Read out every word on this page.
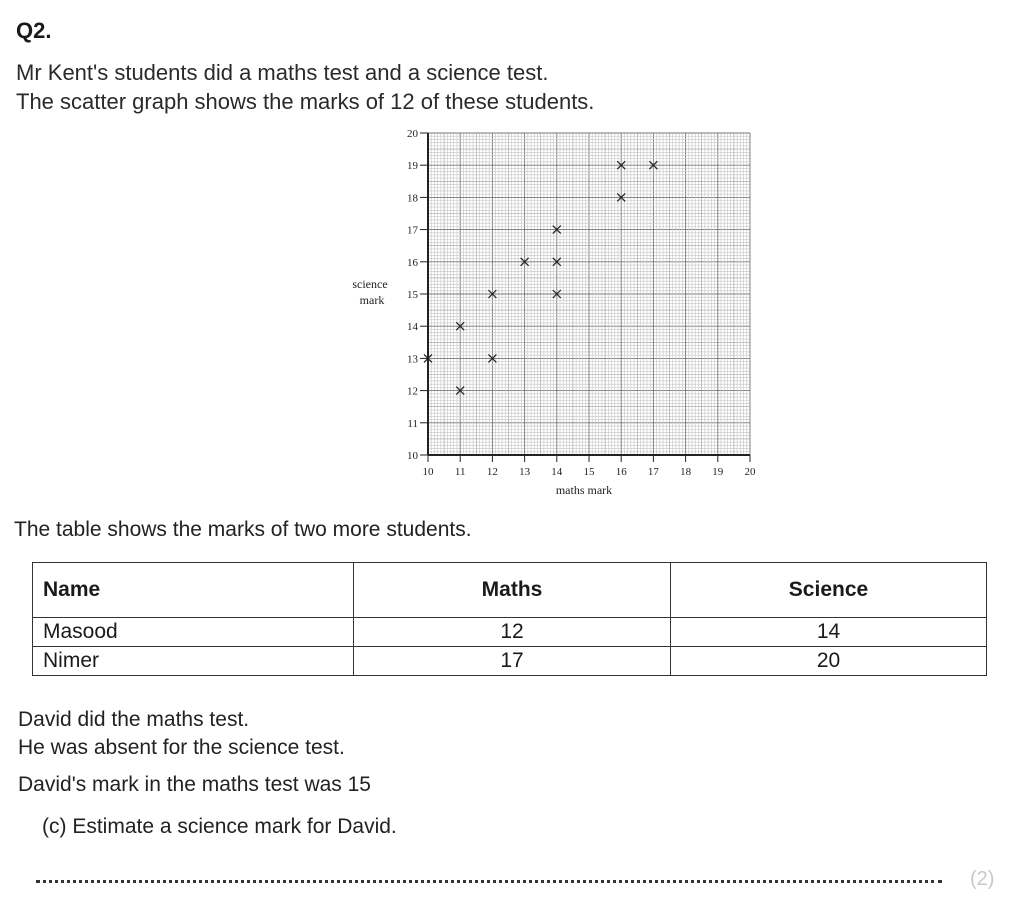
Q2.
Mr Kent's students did a maths test and a science test.
The scatter graph shows the marks of 12 of these students.
10
11
12
13
14
15
16
17
18
19
20
10 11 12 13 14 15 16 17 18 19 20
science
mark
maths mark
The table shows the marks of two more students.
Name	Maths	Science
Masood	12	14
Nimer	17	20
David did the maths test.
He was absent for the science test.
David's mark in the maths test was 15
(c) Estimate a science mark for David.
(2)
